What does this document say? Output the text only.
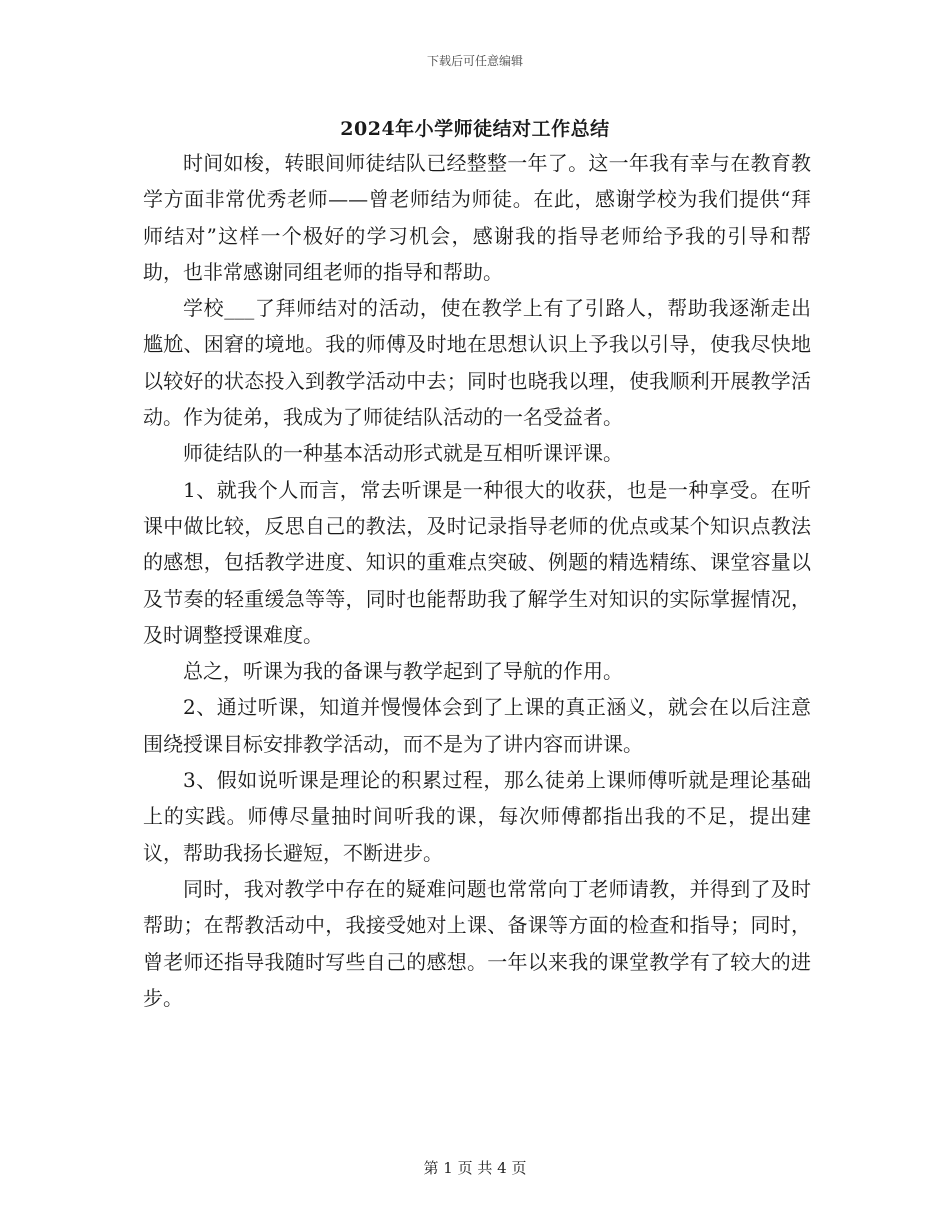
下载后可任意编辑
2024年小学师徒结对工作总结

时间如梭，转眼间师徒结队已经整整一年了。这一年我有幸与在教育教学方面非常优秀老师——曾老师结为师徒。在此，感谢学校为我们提供“拜师结对”这样一个极好的学习机会，感谢我的指导老师给予我的引导和帮助，也非常感谢同组老师的指导和帮助。

学校___了拜师结对的活动，使在教学上有了引路人，帮助我逐渐走出尴尬、困窘的境地。我的师傅及时地在思想认识上予我以引导，使我尽快地以较好的状态投入到教学活动中去；同时也晓我以理，使我顺利开展教学活动。作为徒弟，我成为了师徒结队活动的一名受益者。

师徒结队的一种基本活动形式就是互相听课评课。

1、就我个人而言，常去听课是一种很大的收获，也是一种享受。在听课中做比较，反思自己的教法，及时记录指导老师的优点或某个知识点教法的感想，包括教学进度、知识的重难点突破、例题的精选精练、课堂容量以及节奏的轻重缓急等等，同时也能帮助我了解学生对知识的实际掌握情况，及时调整授课难度。

总之，听课为我的备课与教学起到了导航的作用。

2、通过听课，知道并慢慢体会到了上课的真正涵义，就会在以后注意围绕授课目标安排教学活动，而不是为了讲内容而讲课。

3、假如说听课是理论的积累过程，那么徒弟上课师傅听就是理论基础上的实践。师傅尽量抽时间听我的课，每次师傅都指出我的不足，提出建议，帮助我扬长避短，不断进步。

同时，我对教学中存在的疑难问题也常常向丁老师请教，并得到了及时帮助；在帮教活动中，我接受她对上课、备课等方面的检查和指导；同时，曾老师还指导我随时写些自己的感想。一年以来我的课堂教学有了较大的进步。

第 1 页 共 4 页
